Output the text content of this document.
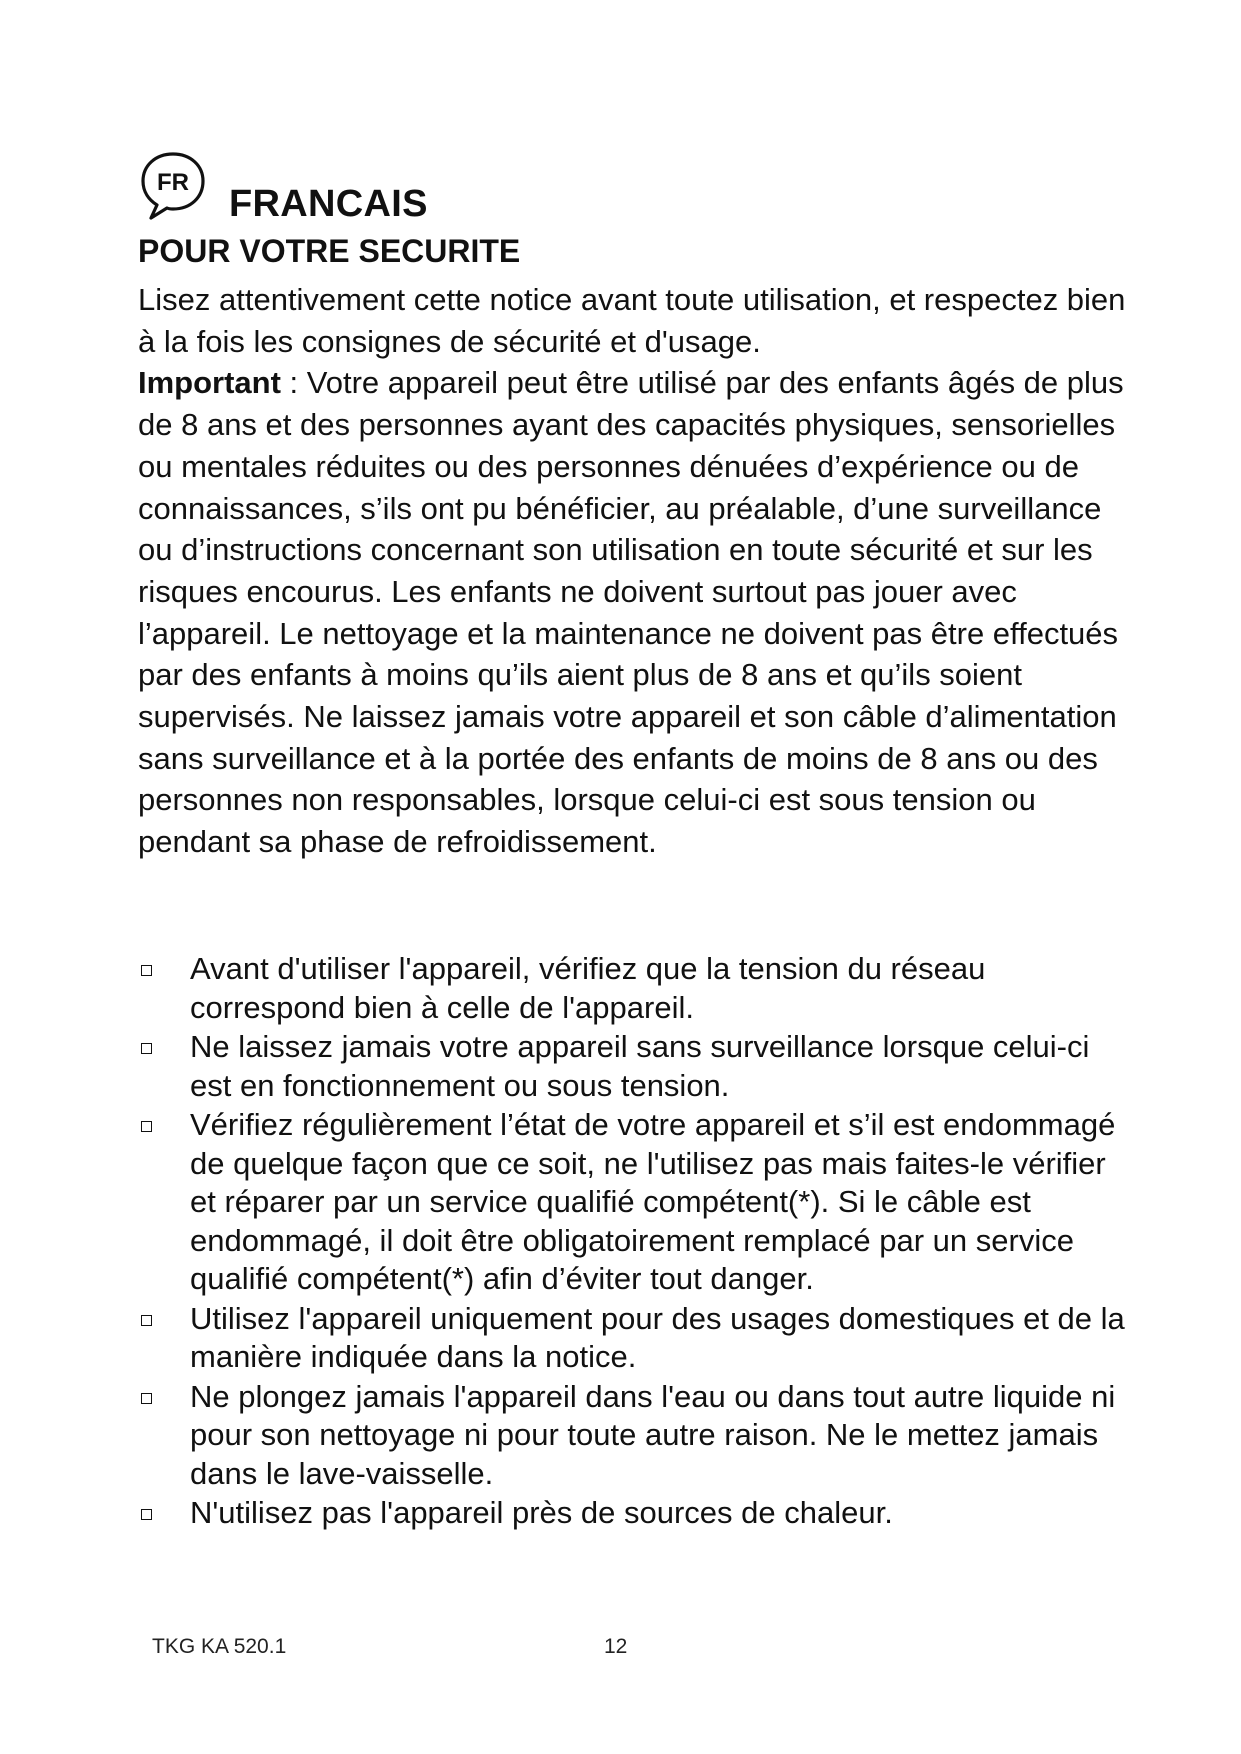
FR
FRANCAIS
POUR VOTRE SECURITE

Lisez attentivement cette notice avant toute utilisation, et respectez bien à la fois les consignes de sécurité et d'usage.

Important : Votre appareil peut être utilisé par des enfants âgés de plus de 8 ans et des personnes ayant des capacités physiques, sensorielles ou mentales réduites ou des personnes dénuées d’expérience ou de connaissances, s’ils ont pu bénéficier, au préalable, d’une surveillance ou d’instructions concernant son utilisation en toute sécurité et sur les risques encourus. Les enfants ne doivent surtout pas jouer avec l’appareil. Le nettoyage et la maintenance ne doivent pas être effectués par des enfants à moins qu’ils aient plus de 8 ans et qu’ils soient supervisés. Ne laissez jamais votre appareil et son câble d’alimentation sans surveillance et à la portée des enfants de moins de 8 ans ou des personnes non responsables, lorsque celui-ci est sous tension ou pendant sa phase de refroidissement.

Avant d'utiliser l'appareil, vérifiez que la tension du réseau correspond bien à celle de l'appareil.
Ne laissez jamais votre appareil sans surveillance lorsque celui-ci est en fonctionnement ou sous tension.
Vérifiez régulièrement l’état de votre appareil et s’il est endommagé de quelque façon que ce soit, ne l'utilisez pas mais faites-le vérifier et réparer par un service qualifié compétent(*). Si le câble est endommagé, il doit être obligatoirement remplacé par un service qualifié compétent(*) afin d’éviter tout danger.
Utilisez l'appareil uniquement pour des usages domestiques et de la manière indiquée dans la notice.
Ne plongez jamais l'appareil dans l'eau ou dans tout autre liquide ni pour son nettoyage ni pour toute autre raison. Ne le mettez jamais dans le lave-vaisselle.
N'utilisez pas l'appareil près de sources de chaleur.
TKG KA 520.1	12
